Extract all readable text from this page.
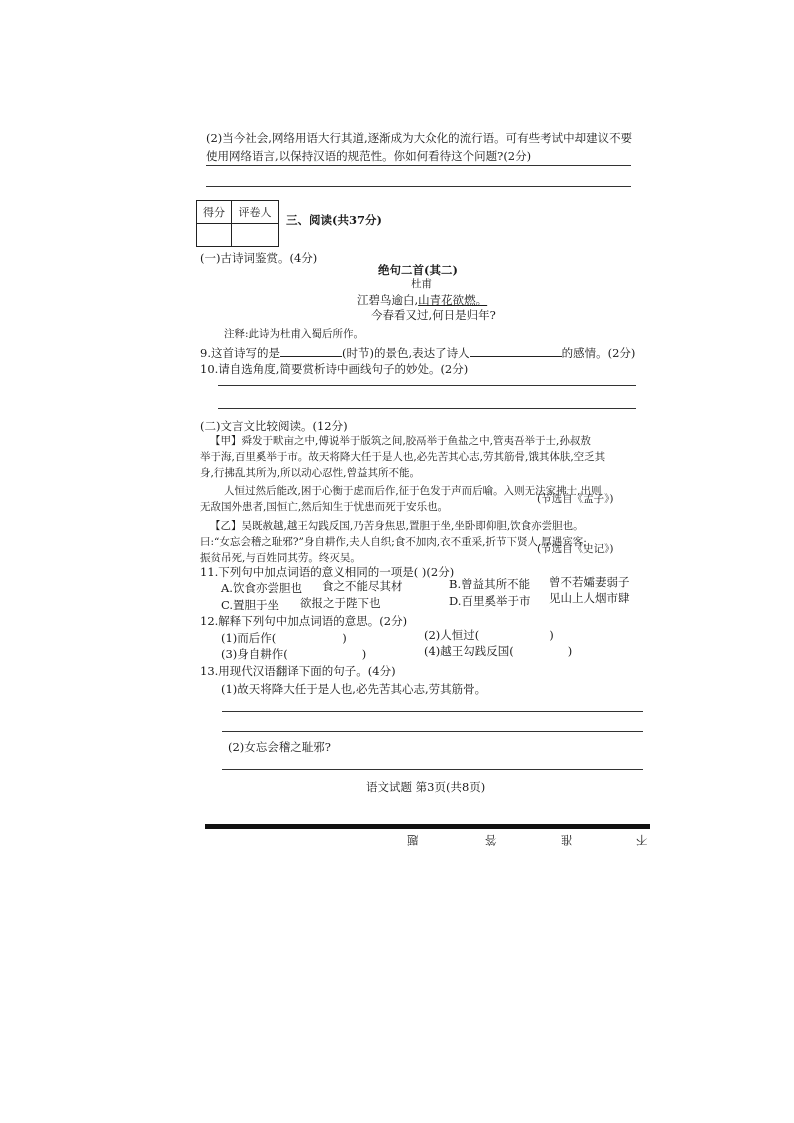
(2)当今社会,网络用语大行其道,逐渐成为大众化的流行语。可有些考试中却建议不要
使用网络语言,以保持汉语的规范性。你如何看待这个问题?(2分)
得分	评卷人

三、阅读(共37分)
(一)古诗词鉴赏。(4分)
绝句二首(其二)
杜甫
江碧鸟逾白,山青花欲燃。
今春看又过,何日是归年?
注释:此诗为杜甫入蜀后所作。
9.这首诗写的是	(时节)的景色,表达了诗人	的感情。(2分)
10.请自选角度,简要赏析诗中画线句子的妙处。(2分)
(二)文言文比较阅读。(12分)
【甲】舜发于畎亩之中,傅说举于版筑之间,胶鬲举于鱼盐之中,管夷吾举于士,孙叔敖
举于海,百里奚举于市。故天将降大任于是人也,必先苦其心志,劳其筋骨,饿其体肤,空乏其
身,行拂乱其所为,所以动心忍性,曾益其所不能。
人恒过然后能改,困于心衡于虑而后作,征于色发于声而后喻。入则无法家拂士,出则
无敌国外患者,国恒亡,然后知生于忧患而死于安乐也。
(节选自《孟子》)
【乙】吴既赦越,越王勾践反国,乃苦身焦思,置胆于坐,坐卧即仰胆,饮食亦尝胆也。
曰:“女忘会稽之耻邪?”身自耕作,夫人自织;食不加肉,衣不重采,折节下贤人,厚遇宾客;
振贫吊死,与百姓同其劳。终灭吴。
(节选自《史记》)
11.下列句中加点词语的意义相同的一项是( )(2分)
A.饮食亦尝胆也 食之不能尽其材	B.曾益其所不能 曾不若孀妻弱子
C.置胆于坐 欲报之于陛下也	D.百里奚举于市 见山上人烟市肆
12.解释下列句中加点词语的意思。(2分)
(1)而后作(	)	(2)人恒过(	)
(3)身自耕作(	)	(4)越王勾践反国(	)
13.用现代汉语翻译下面的句子。(4分)
(1)故天将降大任于是人也,必先苦其心志,劳其筋骨。
(2)女忘会稽之耻邪?
语文试题 第3页(共8页)
题	答	准	不
